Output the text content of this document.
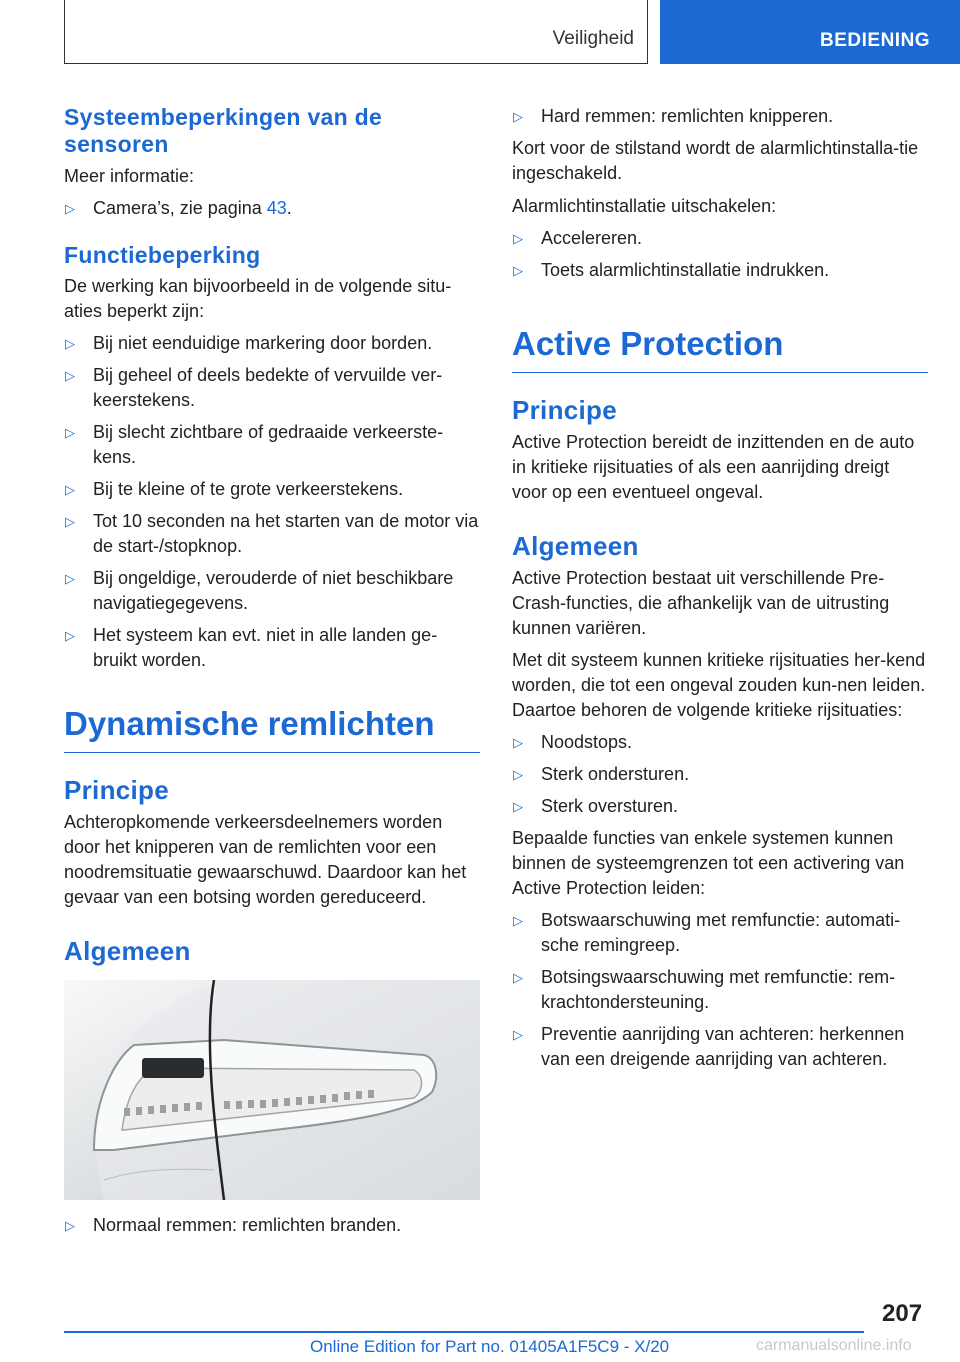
Veiligheid	BEDIENING
Systeembeperkingen van de sensoren

Meer informatie:

▷ Camera’s, zie pagina 43.
Functiebeperking

De werking kan bijvoorbeeld in de volgende situ-aties beperkt zijn:

▷ Bij niet eenduidige markering door borden.
▷ Bij geheel of deels bedekte of vervuilde ver-keerstekens.
▷ Bij slecht zichtbare of gedraaide verkeerste-kens.
▷ Bij te kleine of te grote verkeerstekens.
▷ Tot 10 seconden na het starten van de motor via de start-/stopknop.
▷ Bij ongeldige, verouderde of niet beschikbare navigatiegegevens.
▷ Het systeem kan evt. niet in alle landen ge-bruikt worden.
Dynamische remlichten
Principe

Achteropkomende verkeersdeelnemers worden door het knipperen van de remlichten voor een noodremsituatie gewaarschuwd. Daardoor kan het gevaar van een botsing worden gereduceerd.

Algemeen
▷ Normaal remmen: remlichten branden.
▷ Hard remmen: remlichten knipperen.

Kort voor de stilstand wordt de alarmlichtinstalla-tie ingeschakeld.

Alarmlichtinstallatie uitschakelen:

▷ Accelereren.
▷ Toets alarmlichtinstallatie indrukken.
Active Protection
Principe

Active Protection bereidt de inzittenden en de auto in kritieke rijsituaties of als een aanrijding dreigt voor op een eventueel ongeval.

Algemeen

Active Protection bestaat uit verschillende Pre-Crash-functies, die afhankelijk van de uitrusting kunnen variëren.

Met dit systeem kunnen kritieke rijsituaties her-kend worden, die tot een ongeval zouden kun-nen leiden. Daartoe behoren de volgende kritieke rijsituaties:

▷ Noodstops.
▷ Sterk ondersturen.
▷ Sterk oversturen.

Bepaalde functies van enkele systemen kunnen binnen de systeemgrenzen tot een activering van Active Protection leiden:

▷ Botswaarschuwing met remfunctie: automati-sche remingreep.
▷ Botsingswaarschuwing met remfunctie: rem-krachtondersteuning.
▷ Preventie aanrijding van achteren: herkennen van een dreigende aanrijding van achteren.
207
Online Edition for Part no. 01405A1F5C9 - X/20	carmanualsonline.info
